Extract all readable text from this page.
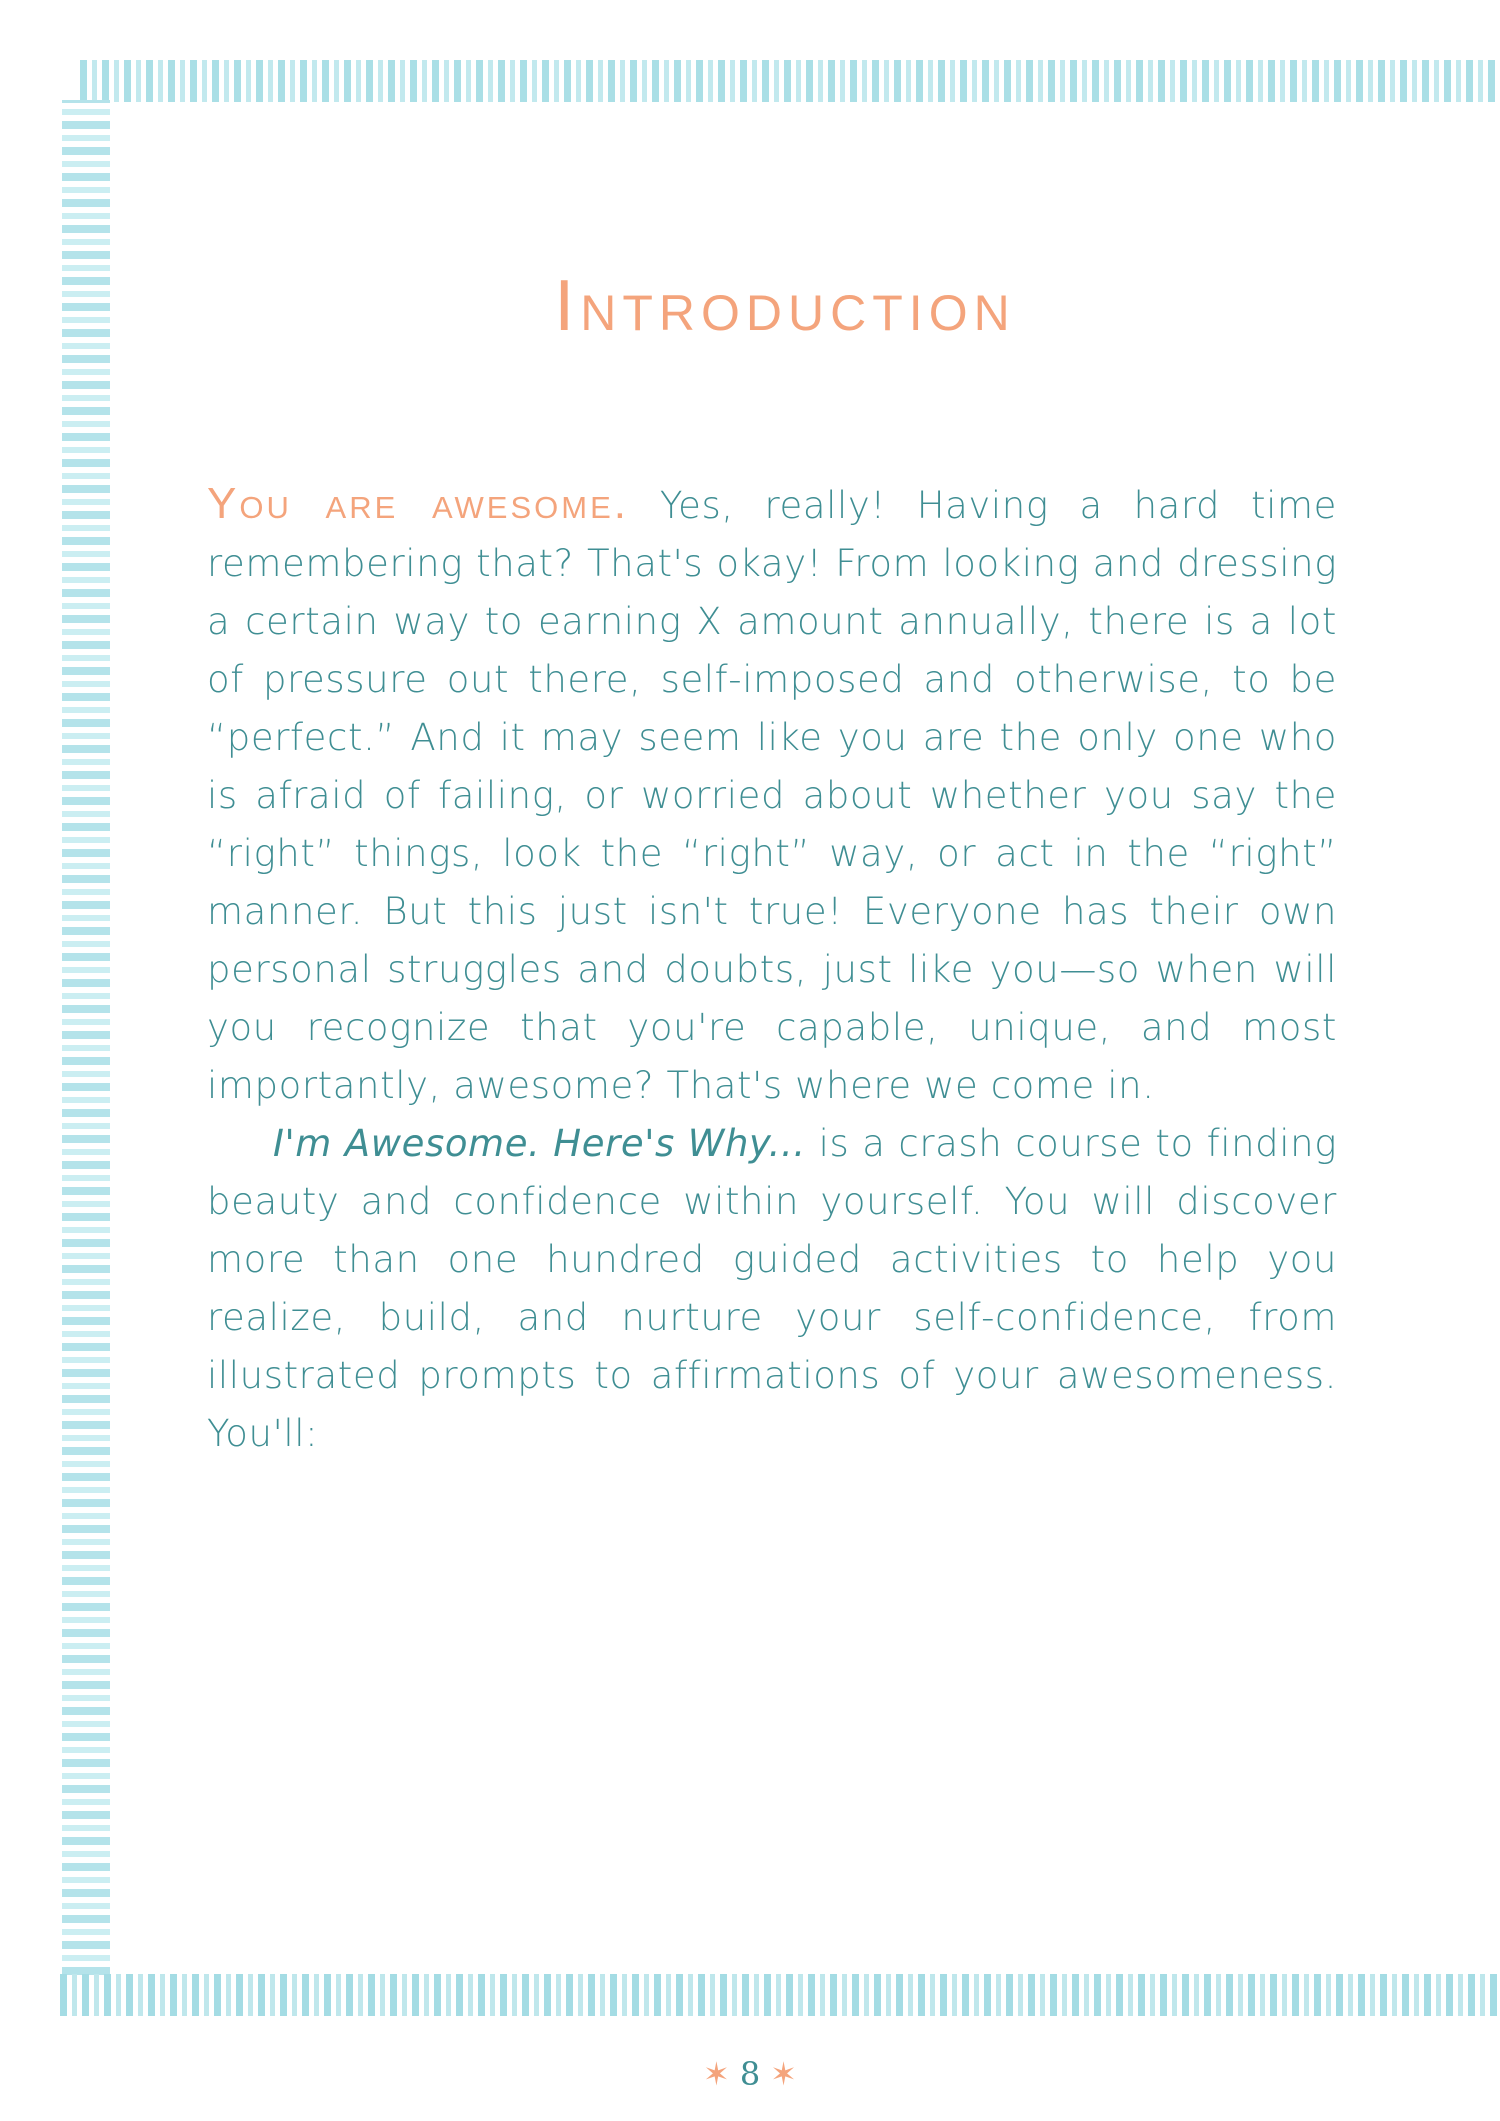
Introduction

You are awesome. Yes, really! Having a hard time remembering that? That's okay! From looking and dressing a certain way to earning X amount annually, there is a lot of pressure out there, self-imposed and otherwise, to be “perfect.” And it may seem like you are the only one who is afraid of failing, or worried about whether you say the “right” things, look the “right” way, or act in the “right” manner. But this just isn't true! Everyone has their own personal struggles and doubts, just like you—so when will you recognize that you're capable, unique, and most importantly, awesome? That's where we come in.

I'm Awesome. Here's Why... is a crash course to finding beauty and confidence within yourself. You will discover more than one hundred guided activities to help you realize, build, and nurture your self-confidence, from illustrated prompts to affirmations of your awesomeness. You'll:

✶ 8 ✶
